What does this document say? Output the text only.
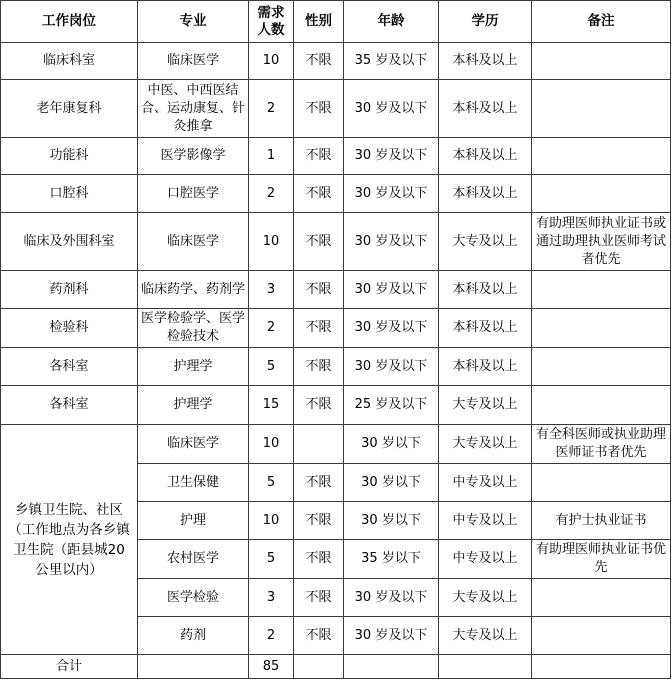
工作岗位	专业	需求人数	性别	年龄	学历	备注
临床科室	临床医学	10	不限	35 岁及以下	本科及以上	
老年康复科	中医、中西医结合、运动康复、针灸推拿	2	不限	30 岁及以下	本科及以上	
功能科	医学影像学	1	不限	30 岁及以下	本科及以上	
口腔科	口腔医学	2	不限	30 岁及以下	本科及以上	
临床及外围科室	临床医学	10	不限	30 岁及以下	大专及以上	有助理医师执业证书或通过助理执业医师考试者优先
药剂科	临床药学、药剂学	3	不限	30 岁及以下	本科及以上	
检验科	医学检验学、医学检验技术	2	不限	30 岁及以下	本科及以上	
各科室	护理学	5	不限	30 岁及以下	本科及以上	
各科室	护理学	15	不限	25 岁及以下	大专及以上	
乡镇卫生院、社区（工作地点为各乡镇卫生院（距县城20公里以内）	临床医学	10		30 岁以下	大专及以上	有全科医师或执业助理医师证书者优先
	卫生保健	5	不限	30 岁以下	中专及以上	
	护理	10	不限	30 岁以下	中专及以上	有护士执业证书
	农村医学	5	不限	35 岁以下	中专及以上	有助理医师执业证书优先
	医学检验	3	不限	30 岁及以下	大专及以上	
	药剂	2	不限	30 岁及以下	大专及以上	
合计		85				
